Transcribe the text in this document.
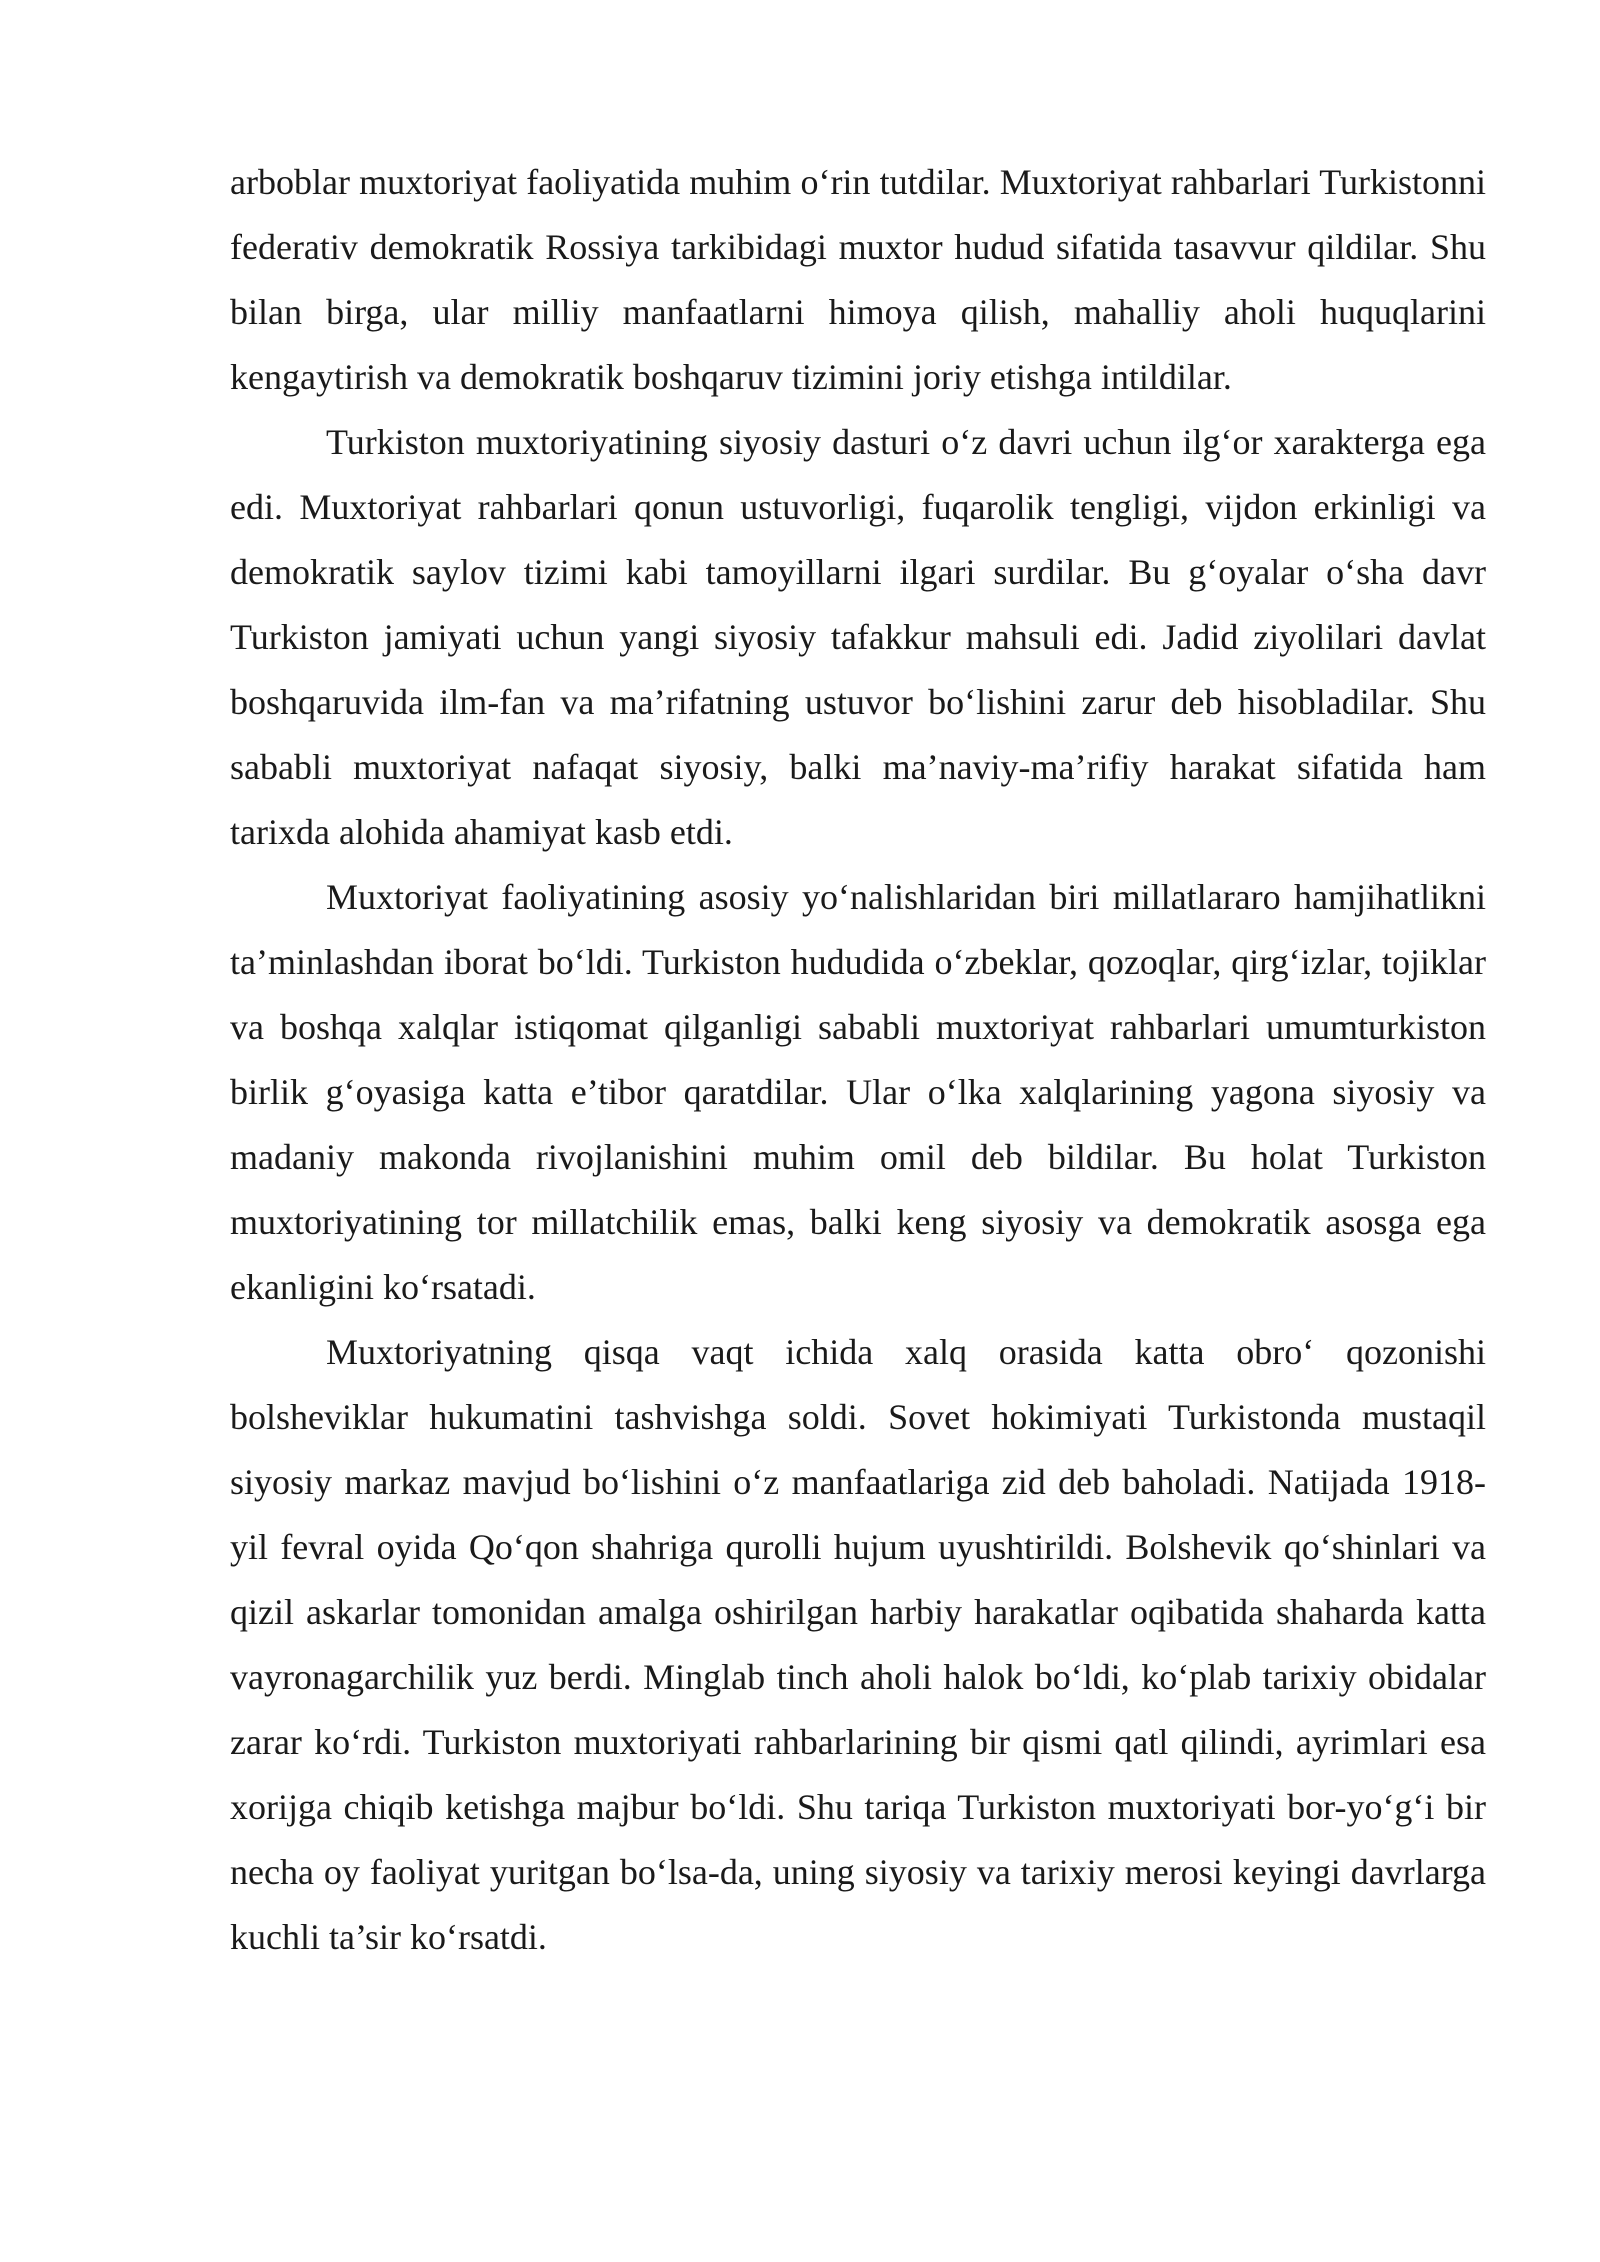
arboblar muxtoriyat faoliyatida muhim o‘rin tutdilar. Muxtoriyat rahbarlari Turkistonni federativ demokratik Rossiya tarkibidagi muxtor hudud sifatida tasavvur qildilar. Shu bilan birga, ular milliy manfaatlarni himoya qilish, mahalliy aholi huquqlarini kengaytirish va demokratik boshqaruv tizimini joriy etishga intildilar.

Turkiston muxtoriyatining siyosiy dasturi o‘z davri uchun ilg‘or xarakterga ega edi. Muxtoriyat rahbarlari qonun ustuvorligi, fuqarolik tengligi, vijdon erkinligi va demokratik saylov tizimi kabi tamoyillarni ilgari surdilar. Bu g‘oyalar o‘sha davr Turkiston jamiyati uchun yangi siyosiy tafakkur mahsuli edi. Jadid ziyolilari davlat boshqaruvida ilm-fan va ma’rifatning ustuvor bo‘lishini zarur deb hisobladilar. Shu sababli muxtoriyat nafaqat siyosiy, balki ma’naviy-ma’rifiy harakat sifatida ham tarixda alohida ahamiyat kasb etdi.

Muxtoriyat faoliyatining asosiy yo‘nalishlaridan biri millatlararo hamjihatlikni ta’minlashdan iborat bo‘ldi. Turkiston hududida o‘zbeklar, qozoqlar, qirg‘izlar, tojiklar va boshqa xalqlar istiqomat qilganligi sababli muxtoriyat rahbarlari umumturkiston birlik g‘oyasiga katta e’tibor qaratdilar. Ular o‘lka xalqlarining yagona siyosiy va madaniy makonda rivojlanishini muhim omil deb bildilar. Bu holat Turkiston muxtoriyatining tor millatchilik emas, balki keng siyosiy va demokratik asosga ega ekanligini ko‘rsatadi.

Muxtoriyatning qisqa vaqt ichida xalq orasida katta obro‘ qozonishi bolsheviklar hukumatini tashvishga soldi. Sovet hokimiyati Turkistonda mustaqil siyosiy markaz mavjud bo‘lishini o‘z manfaatlariga zid deb baholadi. Natijada 1918-yil fevral oyida Qo‘qon shahriga qurolli hujum uyushtirildi. Bolshevik qo‘shinlari va qizil askarlar tomonidan amalga oshirilgan harbiy harakatlar oqibatida shaharda katta vayronagarchilik yuz berdi. Minglab tinch aholi halok bo‘ldi, ko‘plab tarixiy obidalar zarar ko‘rdi. Turkiston muxtoriyati rahbarlarining bir qismi qatl qilindi, ayrimlari esa xorijga chiqib ketishga majbur bo‘ldi. Shu tariqa Turkiston muxtoriyati bor-yo‘g‘i bir necha oy faoliyat yuritgan bo‘lsa-da, uning siyosiy va tarixiy merosi keyingi davrlarga kuchli ta’sir ko‘rsatdi.
